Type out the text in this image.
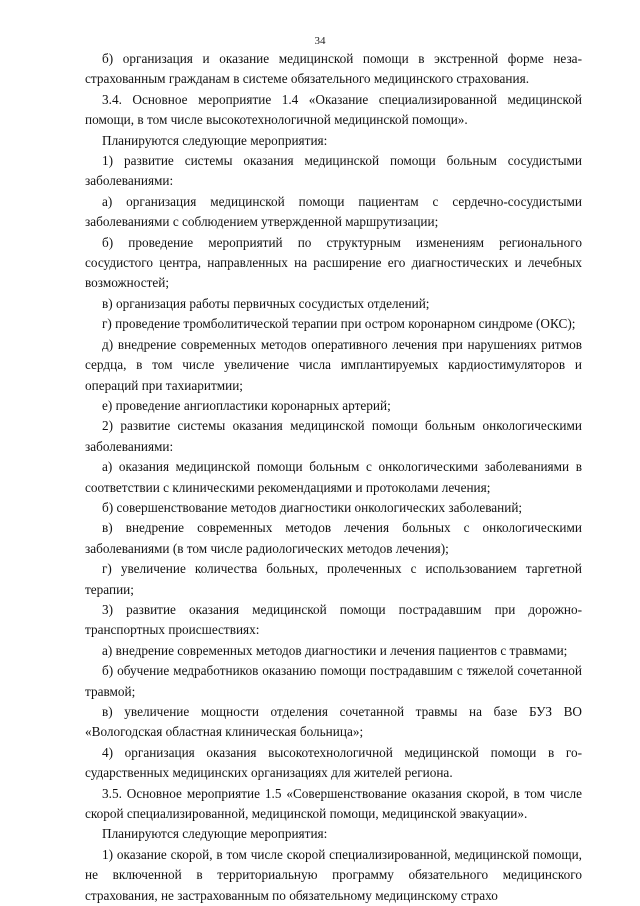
34

б) организация и оказание медицинской помощи в экстренной форме незастрахованным гражданам в системе обязательного медицинского страхования.

3.4. Основное мероприятие 1.4 «Оказание специализированной медицинской помощи, в том числе высокотехнологичной медицинской помощи».

Планируются следующие мероприятия:

1) развитие системы оказания медицинской помощи больным сосудистыми заболеваниями:

а) организация медицинской помощи пациентам с сердечно-сосудистыми заболеваниями с соблюдением утвержденной маршрутизации;

б) проведение мероприятий по структурным изменениям регионального сосудистого центра, направленных на расширение его диагностических и лечебных возможностей;

в) организация работы первичных сосудистых отделений;

г) проведение тромболитической терапии при остром коронарном синдроме (ОКС);

д) внедрение современных методов оперативного лечения при нарушениях ритмов сердца, в том числе увеличение числа имплантируемых кардиостимуляторов и операций при тахиаритмии;

е) проведение ангиопластики коронарных артерий;

2) развитие системы оказания медицинской помощи больным онкологическими заболеваниями:

а) оказания медицинской помощи больным с онкологическими заболеваниями в соответствии с клиническими рекомендациями и протоколами лечения;

б) совершенствование методов диагностики онкологических заболеваний;

в) внедрение современных методов лечения больных с онкологическими заболеваниями (в том числе радиологических методов лечения);

г) увеличение количества больных, пролеченных с использованием таргетной терапии;

3) развитие оказания медицинской помощи пострадавшим при дорожно-транспортных происшествиях:

а) внедрение современных методов диагностики и лечения пациентов с травмами;

б) обучение медработников оказанию помощи пострадавшим с тяжелой сочетанной травмой;

в) увеличение мощности отделения сочетанной травмы на базе БУЗ ВО «Вологодская областная клиническая больница»;

4) организация оказания высокотехнологичной медицинской помощи в государственных медицинских организациях для жителей региона.

3.5. Основное мероприятие 1.5 «Совершенствование оказания скорой, в том числе скорой специализированной, медицинской помощи, медицинской эвакуации».

Планируются следующие мероприятия:

1) оказание скорой, в том числе скорой специализированной, медицинской помощи, не включенной в территориальную программу обязательного медицинского страхования, не застрахованным по обязательному медицинскому страхо
